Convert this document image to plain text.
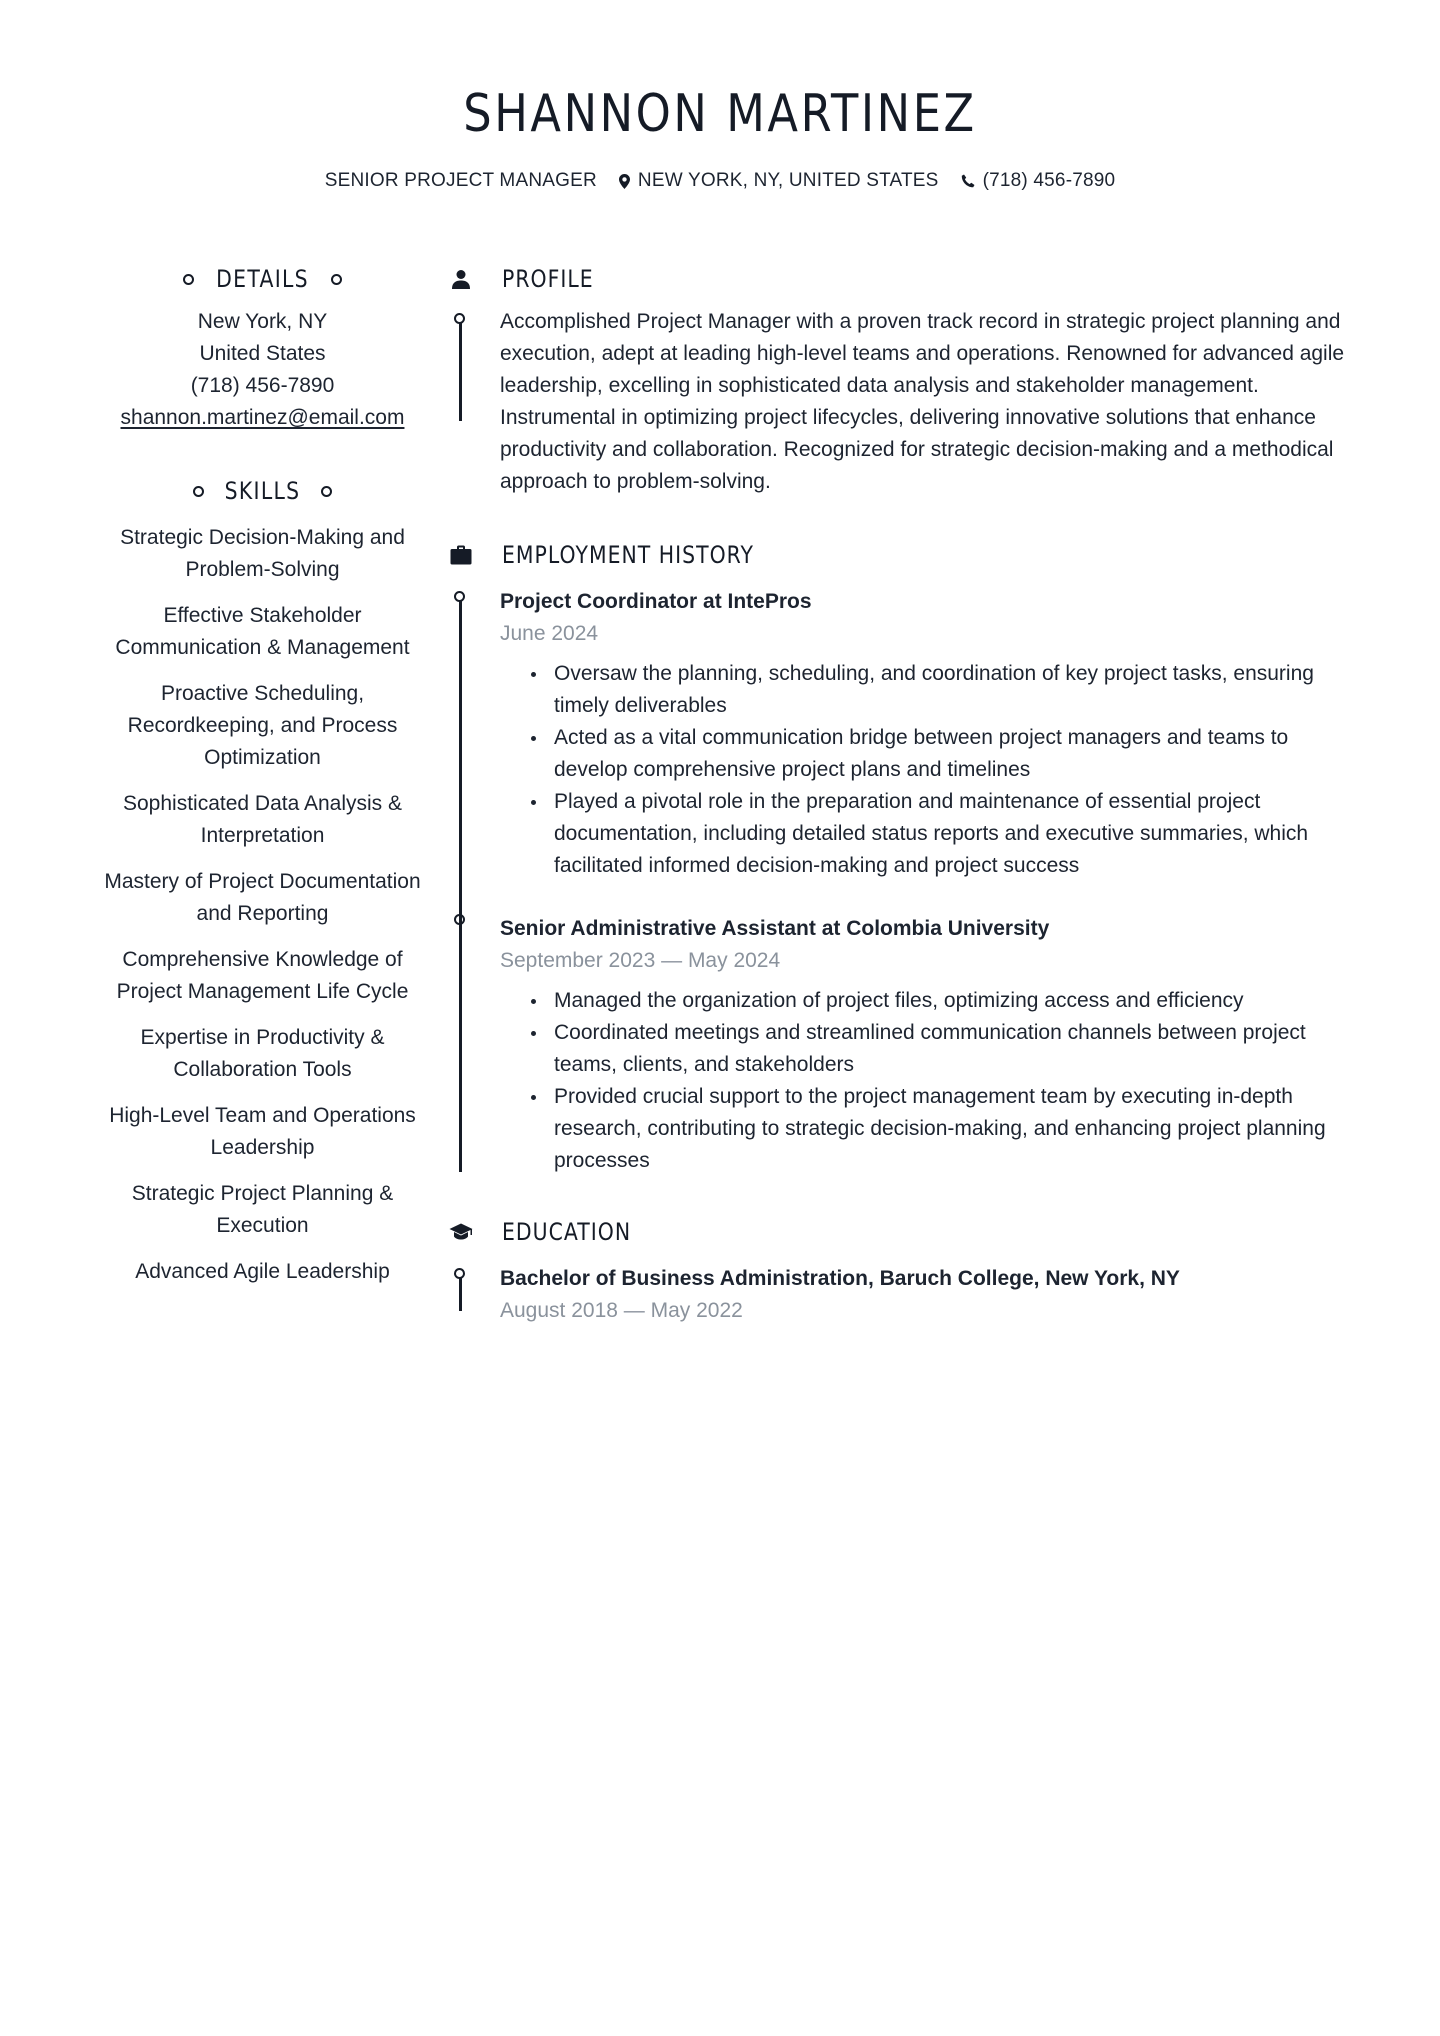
SHANNON MARTINEZ
SENIOR PROJECT MANAGER NEW YORK, NY, UNITED STATES (718) 456-7890
DETAILS
New York, NY
United States
(718) 456-7890
shannon.martinez@email.com
SKILLS
Strategic Decision-Making and Problem-Solving
Effective Stakeholder Communication & Management
Proactive Scheduling, Recordkeeping, and Process Optimization
Sophisticated Data Analysis & Interpretation
Mastery of Project Documentation and Reporting
Comprehensive Knowledge of Project Management Life Cycle
Expertise in Productivity & Collaboration Tools
High-Level Team and Operations Leadership
Strategic Project Planning & Execution
Advanced Agile Leadership
PROFILE
Accomplished Project Manager with a proven track record in strategic project planning and execution, adept at leading high-level teams and operations. Renowned for advanced agile leadership, excelling in sophisticated data analysis and stakeholder management. Instrumental in optimizing project lifecycles, delivering innovative solutions that enhance productivity and collaboration. Recognized for strategic decision-making and a methodical approach to problem-solving.
EMPLOYMENT HISTORY
Project Coordinator at IntePros
June 2024
Oversaw the planning, scheduling, and coordination of key project tasks, ensuring timely deliverables
Acted as a vital communication bridge between project managers and teams to develop comprehensive project plans and timelines
Played a pivotal role in the preparation and maintenance of essential project documentation, including detailed status reports and executive summaries, which facilitated informed decision-making and project success
Senior Administrative Assistant at Colombia University
September 2023 — May 2024
Managed the organization of project files, optimizing access and efficiency
Coordinated meetings and streamlined communication channels between project teams, clients, and stakeholders
Provided crucial support to the project management team by executing in-depth research, contributing to strategic decision-making, and enhancing project planning processes
EDUCATION
Bachelor of Business Administration, Baruch College, New York, NY
August 2018 — May 2022
